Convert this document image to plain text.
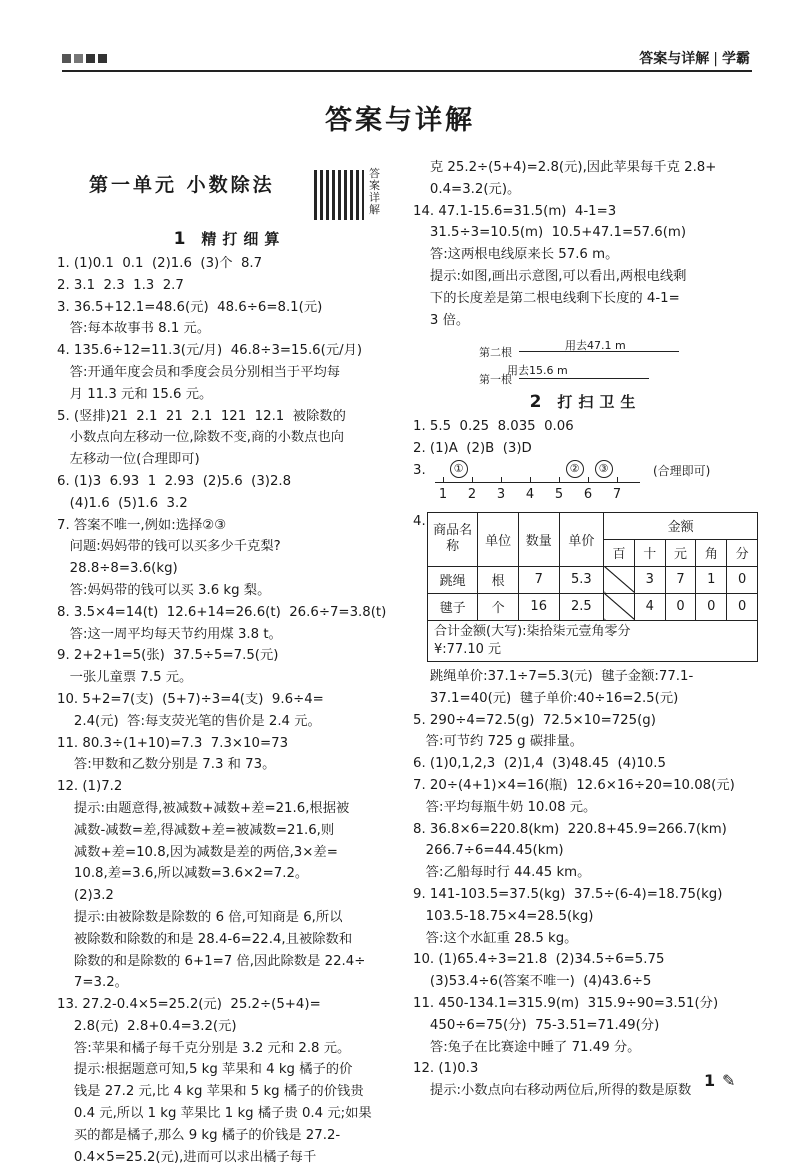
答案与详解 | 学霸
答案与详解
第一单元 小数除法
答案详解
1 精打细算
1. (1)0.1  0.1  (2)1.6  (3)个  8.7
2. 3.1  2.3  1.3  2.7
3. 36.5+12.1=48.6(元)  48.6÷6=8.1(元)
答:每本故事书 8.1 元。
4. 135.6÷12=11.3(元/月)  46.8÷3=15.6(元/月)
答:开通年度会员和季度会员分别相当于平均每
月 11.3 元和 15.6 元。
5. (竖排)21  2.1  21  2.1  121  12.1  被除数的
小数点向左移动一位,除数不变,商的小数点也向
左移动一位(合理即可)
6. (1)3  6.93  1  2.93  (2)5.6  (3)2.8
(4)1.6  (5)1.6  3.2
7. 答案不唯一,例如:选择②③
问题:妈妈带的钱可以买多少千克梨?
28.8÷8=3.6(kg)
答:妈妈带的钱可以买 3.6 kg 梨。
8. 3.5×4=14(t)  12.6+14=26.6(t)  26.6÷7=3.8(t)
答:这一周平均每天节约用煤 3.8 t。
9. 2+2+1=5(张)  37.5÷5=7.5(元)
一张儿童票 7.5 元。
10. 5+2=7(支)  (5+7)÷3=4(支)  9.6÷4=
2.4(元)  答:每支荧光笔的售价是 2.4 元。
11. 80.3÷(1+10)=7.3  7.3×10=73
答:甲数和乙数分别是 7.3 和 73。
12. (1)7.2
提示:由题意得,被减数+减数+差=21.6,根据被
减数-减数=差,得减数+差=被减数=21.6,则
减数+差=10.8,因为减数是差的两倍,3×差=
10.8,差=3.6,所以减数=3.6×2=7.2。
(2)3.2
提示:由被除数是除数的 6 倍,可知商是 6,所以
被除数和除数的和是 28.4-6=22.4,且被除数和
除数的和是除数的 6+1=7 倍,因此除数是 22.4÷
7=3.2。
13. 27.2-0.4×5=25.2(元)  25.2÷(5+4)=
2.8(元)  2.8+0.4=3.2(元)
答:苹果和橘子每千克分别是 3.2 元和 2.8 元。
提示:根据题意可知,5 kg 苹果和 4 kg 橘子的价
钱是 27.2 元,比 4 kg 苹果和 5 kg 橘子的价钱贵
0.4 元,所以 1 kg 苹果比 1 kg 橘子贵 0.4 元;如果
买的都是橘子,那么 9 kg 橘子的价钱是 27.2-
0.4×5=25.2(元),进而可以求出橘子每千
克 25.2÷(5+4)=2.8(元),因此苹果每千克 2.8+
0.4=3.2(元)。
14. 47.1-15.6=31.5(m)  4-1=3
31.5÷3=10.5(m)  10.5+47.1=57.6(m)
答:这两根电线原来长 57.6 m。
提示:如图,画出示意图,可以看出,两根电线剩
下的长度差是第二根电线剩下长度的 4-1=
3 倍。
第二根
用去47.1 m
用去15.6 m
第一根
2 打扫卫生
1. 5.5  0.25  8.035  0.06
2. (1)A  (2)B  (3)D
3.
1 2 3 4 5 6 7
①	②	③	(合理即可)
4.
商品名称	单位	数量	单价	金额				
				百	十	元	角	分
跳绳	根	7	5.3		3	7	1	0
毽子	个	16	2.5		4	0	0	0
合计金额(大写):柒拾柒元壹角零分
¥:77.10 元
跳绳单价:37.1÷7=5.3(元)  毽子金额:77.1-
37.1=40(元)  毽子单价:40÷16=2.5(元)
5. 290÷4=72.5(g)  72.5×10=725(g)
答:可节约 725 g 碳排量。
6. (1)0,1,2,3  (2)1,4  (3)48.45  (4)10.5
7. 20÷(4+1)×4=16(瓶)  12.6×16÷20=10.08(元)
答:平均每瓶牛奶 10.08 元。
8. 36.8×6=220.8(km)  220.8+45.9=266.7(km)
266.7÷6=44.45(km)
答:乙船每时行 44.45 km。
9. 141-103.5=37.5(kg)  37.5÷(6-4)=18.75(kg)
103.5-18.75×4=28.5(kg)
答:这个水缸重 28.5 kg。
10. (1)65.4÷3=21.8  (2)34.5÷6=5.75
(3)53.4÷6(答案不唯一)  (4)43.6÷5
11. 450-134.1=315.9(m)  315.9÷90=3.51(分)
450÷6=75(分)  75-3.51=71.49(分)
答:兔子在比赛途中睡了 71.49 分。
12. (1)0.3
提示:小数点向右移动两位后,所得的数是原数
1 ✎
